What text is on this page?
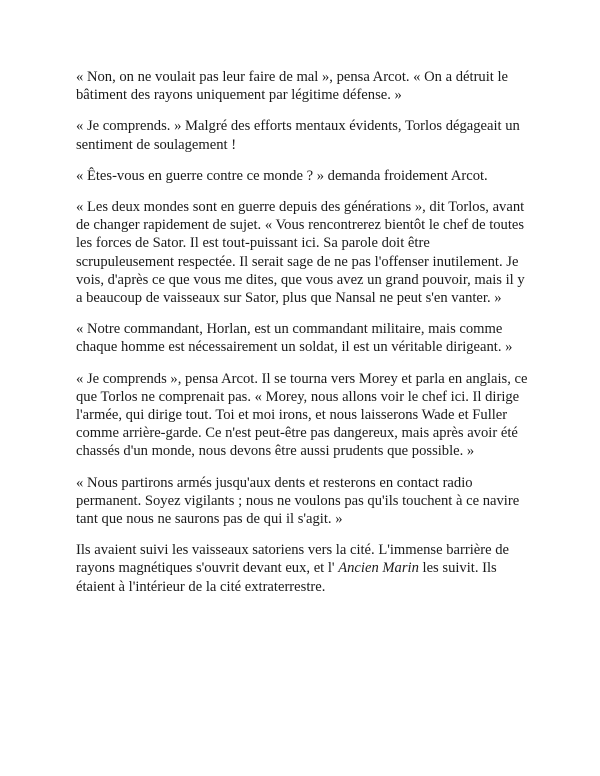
« Non, on ne voulait pas leur faire de mal », pensa Arcot. « On a détruit le bâtiment des rayons uniquement par légitime défense. »

« Je comprends. » Malgré des efforts mentaux évidents, Torlos dégageait un sentiment de soulagement !

« Êtes-vous en guerre contre ce monde ? » demanda froidement Arcot.

« Les deux mondes sont en guerre depuis des générations », dit Torlos, avant de changer rapidement de sujet. « Vous rencontrerez bientôt le chef de toutes les forces de Sator. Il est tout-puissant ici. Sa parole doit être scrupuleusement respectée. Il serait sage de ne pas l'offenser inutilement. Je vois, d'après ce que vous me dites, que vous avez un grand pouvoir, mais il y a beaucoup de vaisseaux sur Sator, plus que Nansal ne peut s'en vanter. »

« Notre commandant, Horlan, est un commandant militaire, mais comme chaque homme est nécessairement un soldat, il est un véritable dirigeant. »

« Je comprends », pensa Arcot. Il se tourna vers Morey et parla en anglais, ce que Torlos ne comprenait pas. « Morey, nous allons voir le chef ici. Il dirige l'armée, qui dirige tout. Toi et moi irons, et nous laisserons Wade et Fuller comme arrière-garde. Ce n'est peut-être pas dangereux, mais après avoir été chassés d'un monde, nous devons être aussi prudents que possible. »

« Nous partirons armés jusqu'aux dents et resterons en contact radio permanent. Soyez vigilants ; nous ne voulons pas qu'ils touchent à ce navire tant que nous ne saurons pas de qui il s'agit. »

Ils avaient suivi les vaisseaux satoriens vers la cité. L'immense barrière de rayons magnétiques s'ouvrit devant eux, et l' Ancien Marin les suivit. Ils étaient à l'intérieur de la cité extraterrestre.
